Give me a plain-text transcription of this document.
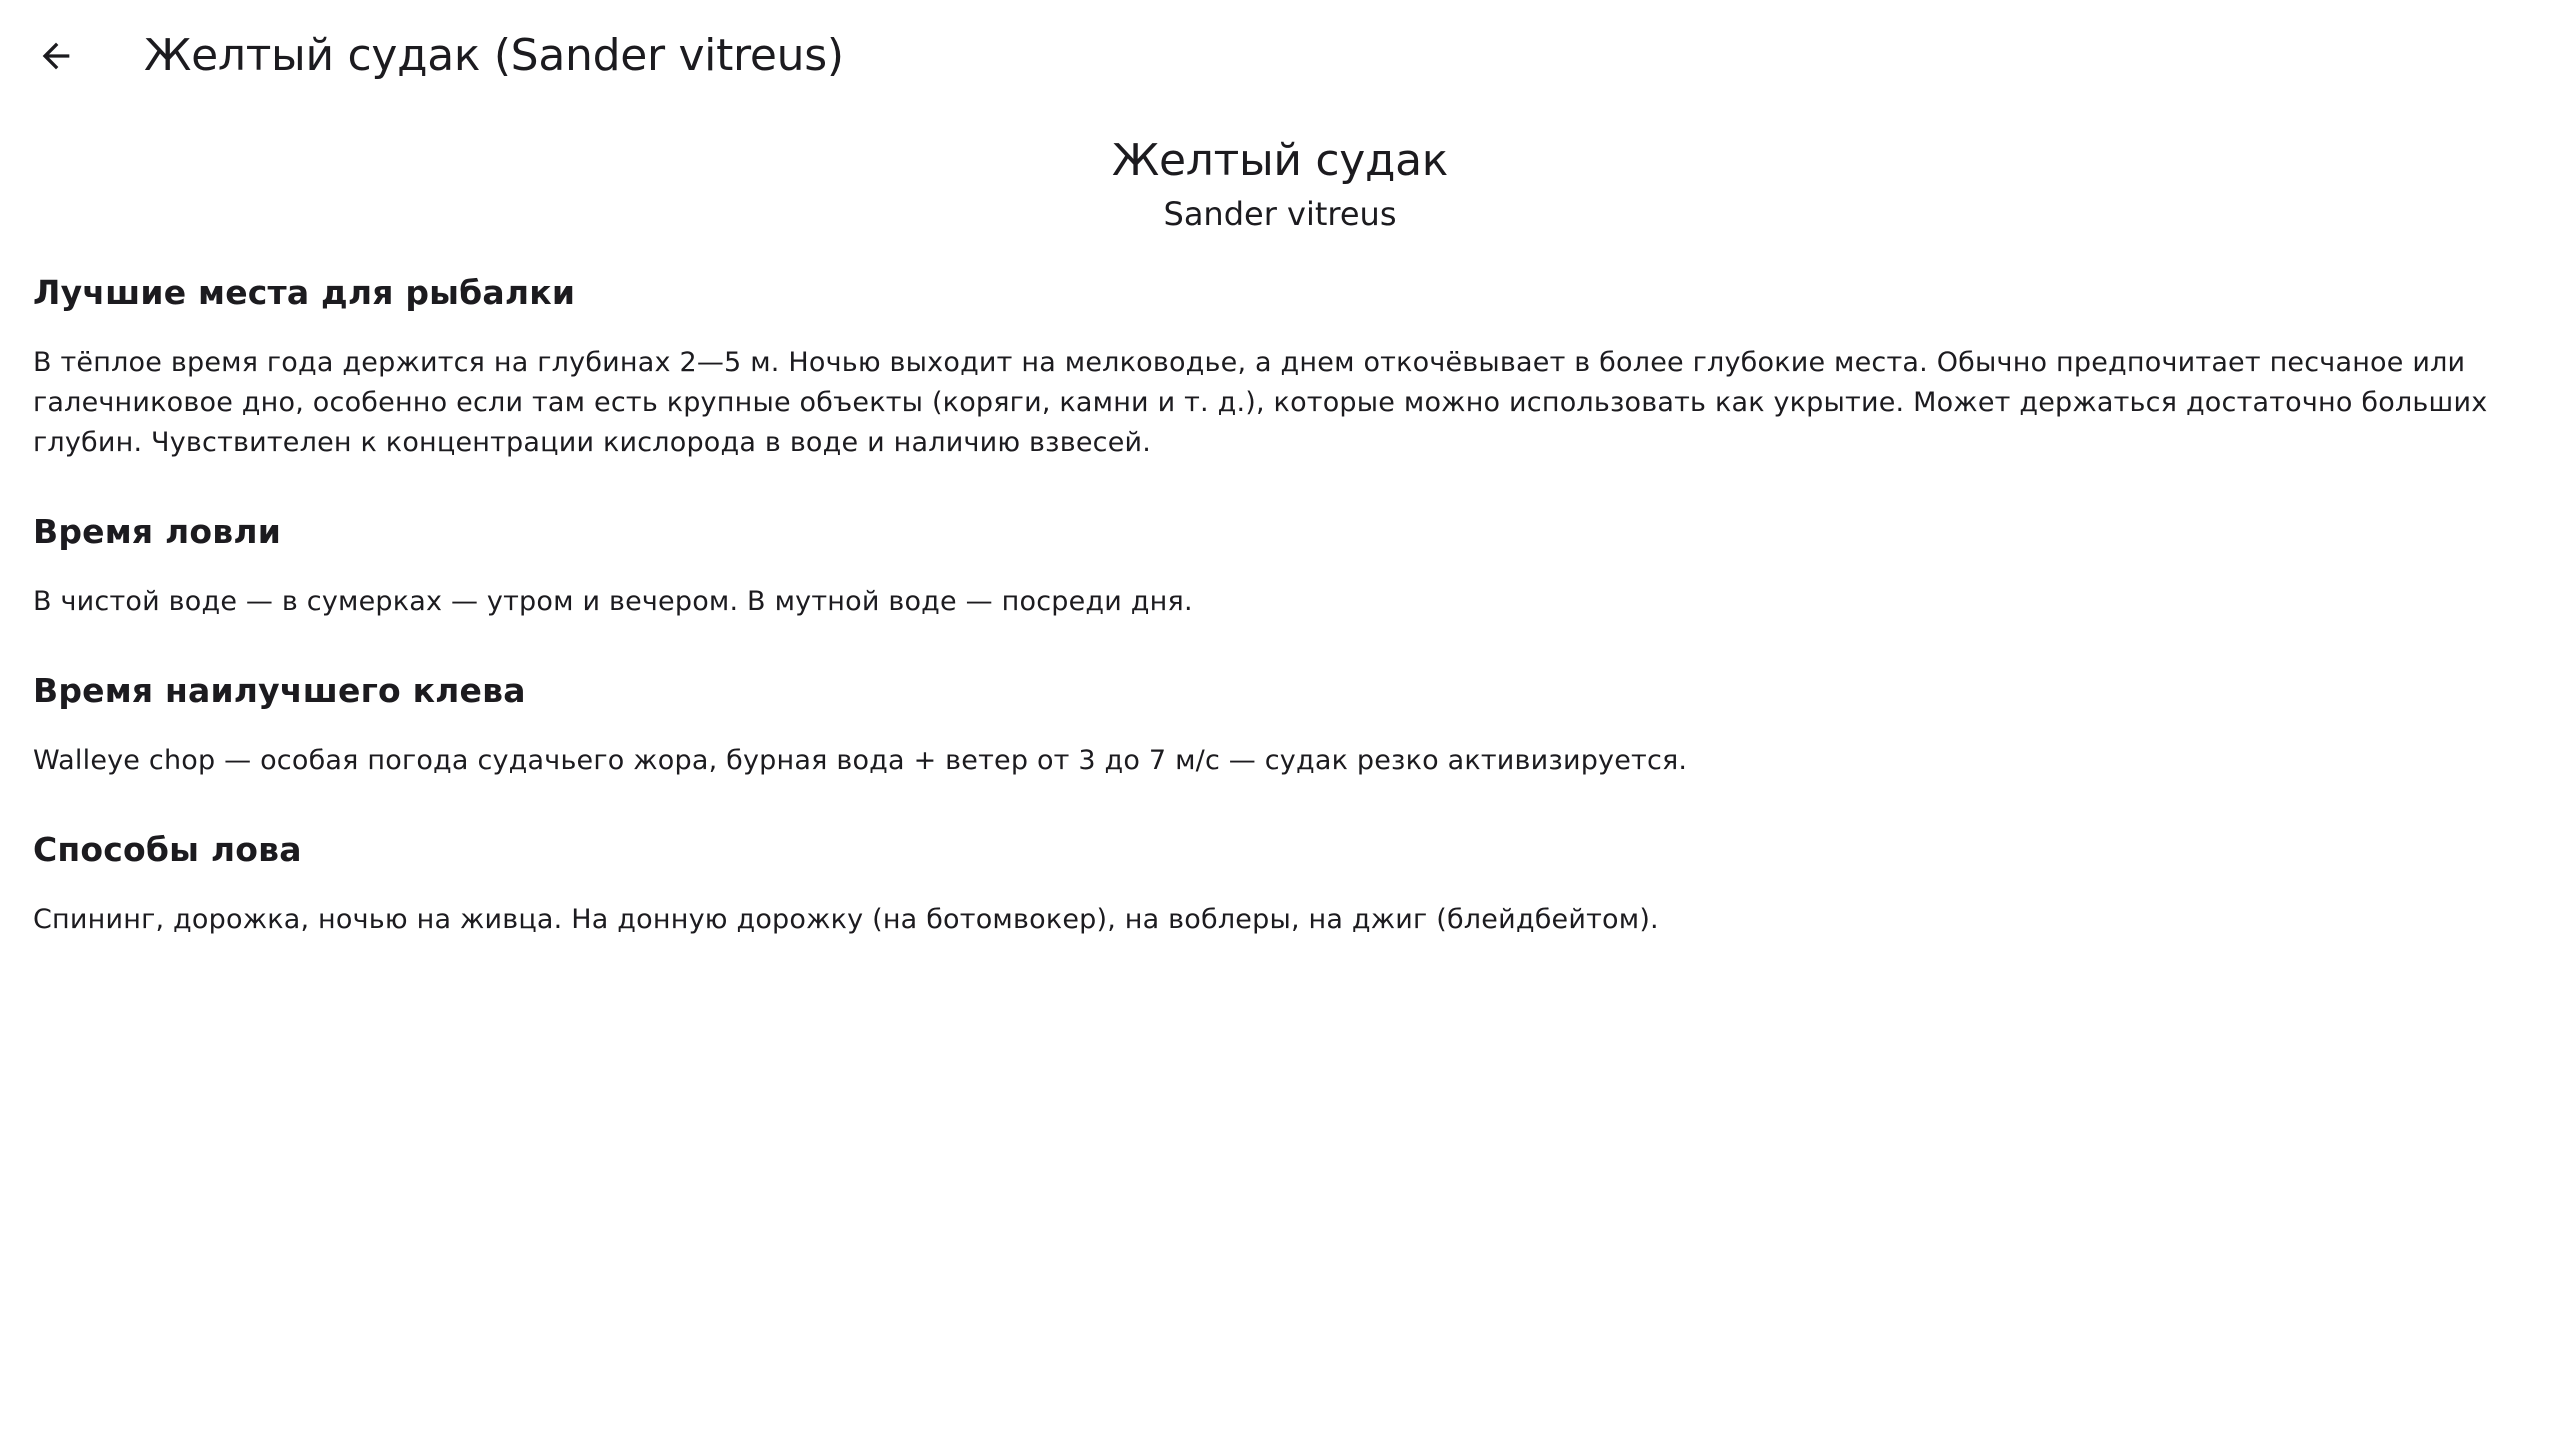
Желтый судак (Sander vitreus)
Желтый судак
Sander vitreus
Лучшие места для рыбалки
В тёплое время года держится на глубинах 2—5 м. Ночью выходит на мелководье, а днем откочёвывает в более глубокие места. Обычно предпочитает песчаное или галечниковое дно, особенно если там есть крупные объекты (коряги, камни и т. д.), которые можно использовать как укрытие. Может держаться достаточно больших глубин. Чувствителен к концентрации кислорода в воде и наличию взвесей.
Время ловли
В чистой воде — в сумерках — утром и вечером. В мутной воде — посреди дня.
Время наилучшего клева
Walleye chop — особая погода судачьего жора, бурная вода + ветер от 3 до 7 м/с — судак резко активизируется.
Способы лова
Спининг, дорожка, ночью на живца. На донную дорожку (на ботомвокер), на воблеры, на джиг (блейдбейтом).
